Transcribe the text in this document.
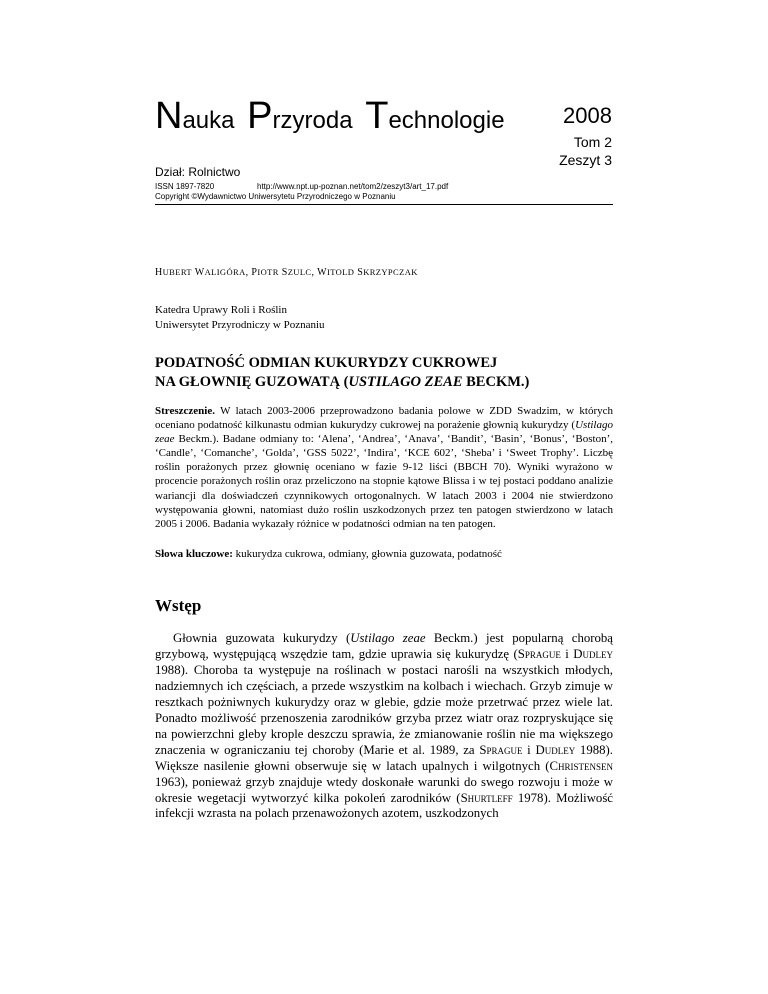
Nauka Przyroda Technologie	2008
Tom 2
Zeszyt 3
Dział: Rolnictwo
ISSN 1897-7820	http://www.npt.up-poznan.net/tom2/zeszyt3/art_17.pdf
Copyright ©Wydawnictwo Uniwersytetu Przyrodniczego w Poznaniu
HUBERT WALIGÓRA, PIOTR SZULC, WITOLD SKRZYPCZAK
Katedra Uprawy Roli i Roślin
Uniwersytet Przyrodniczy w Poznaniu
PODATNOŚĆ ODMIAN KUKURYDZY CUKROWEJ
NA GŁOWNIĘ GUZOWATĄ (USTILAGO ZEAE BECKM.)
Streszczenie. W latach 2003-2006 przeprowadzono badania polowe w ZDD Swadzim, w których oceniano podatność kilkunastu odmian kukurydzy cukrowej na porażenie głownią kukurydzy (Ustilago zeae Beckm.). Badane odmiany to: ‘Alena’, ‘Andrea’, ‘Anava’, ‘Bandit’, ‘Basin’, ‘Bonus’, ‘Boston’, ‘Candle’, ‘Comanche’, ‘Golda’, ‘GSS 5022’, ‘Indira’, ‘KCE 602’, ‘Sheba’ i ‘Sweet Trophy’. Liczbę roślin porażonych przez głownię oceniano w fazie 9-12 liści (BBCH 70). Wyniki wyrażono w procencie porażonych roślin oraz przeliczono na stopnie kątowe Blissa i w tej postaci poddano analizie wariancji dla doświadczeń czynnikowych ortogonalnych. W latach 2003 i 2004 nie stwierdzono występowania głowni, natomiast dużo roślin uszkodzonych przez ten patogen stwierdzono w latach 2005 i 2006. Badania wykazały różnice w podatności odmian na ten patogen.
Słowa kluczowe: kukurydza cukrowa, odmiany, głownia guzowata, podatność
Wstęp

Głownia guzowata kukurydzy (Ustilago zeae Beckm.) jest popularną chorobą grzybową, występującą wszędzie tam, gdzie uprawia się kukurydzę (Sprague i Dudley 1988). Choroba ta występuje na roślinach w postaci narośli na wszystkich młodych, nadziemnych ich częściach, a przede wszystkim na kolbach i wiechach. Grzyb zimuje w resztkach pożniwnych kukurydzy oraz w glebie, gdzie może przetrwać przez wiele lat. Ponadto możliwość przenoszenia zarodników grzyba przez wiatr oraz rozpryskujące się na powierzchni gleby krople deszczu sprawia, że zmianowanie roślin nie ma większego znaczenia w ograniczaniu tej choroby (Marie et al. 1989, za Sprague i Dudley 1988). Większe nasilenie głowni obserwuje się w latach upalnych i wilgotnych (Christensen 1963), ponieważ grzyb znajduje wtedy doskonałe warunki do swego rozwoju i może w okresie wegetacji wytworzyć kilka pokoleń zarodników (Shurtleff 1978). Możliwość infekcji wzrasta na polach przenawożonych azotem, uszkodzonych
